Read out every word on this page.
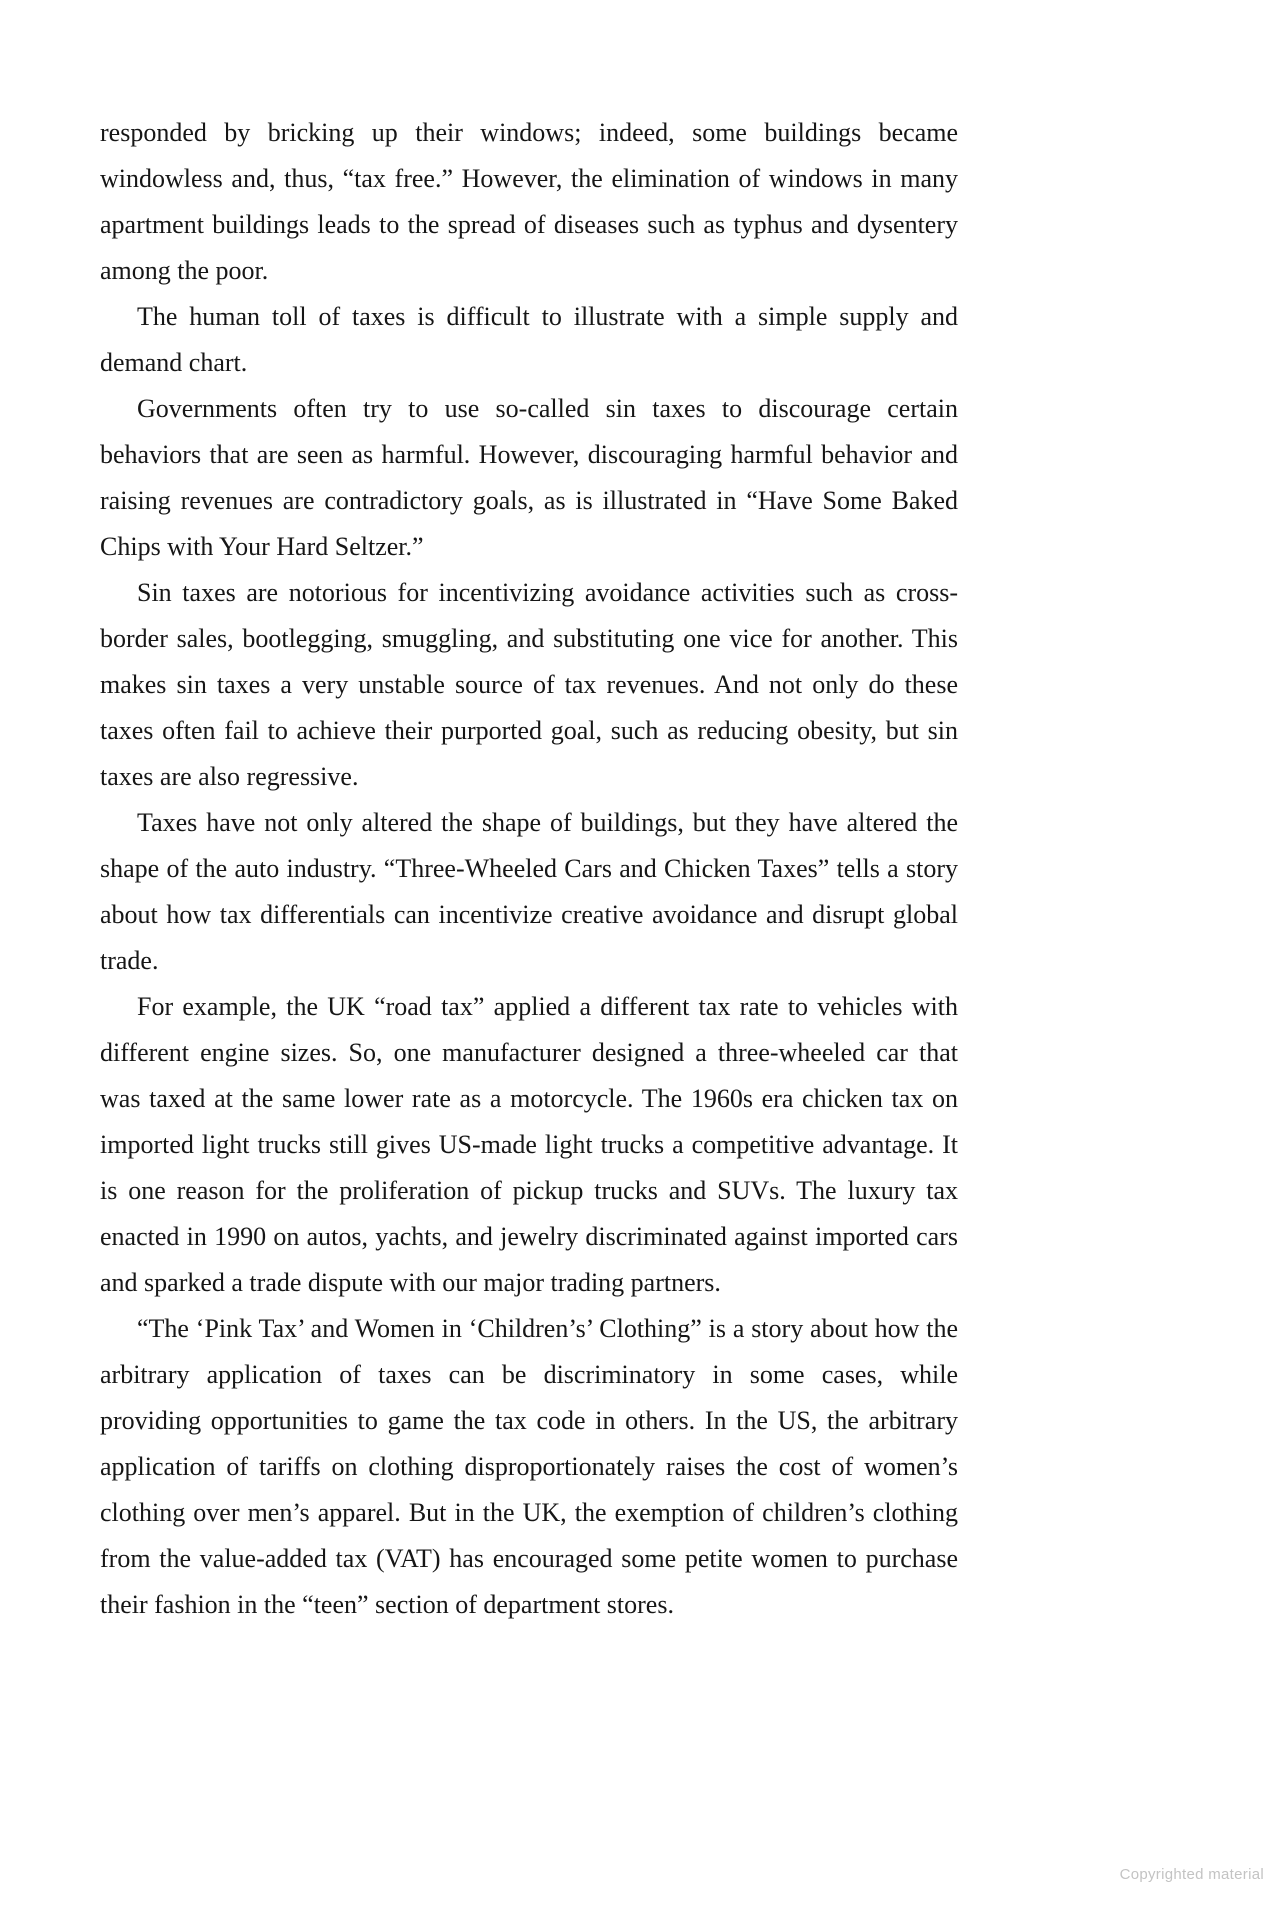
responded by bricking up their windows; indeed, some buildings became windowless and, thus, “tax free.” However, the elimination of windows in many apartment buildings leads to the spread of diseases such as typhus and dysentery among the poor.

The human toll of taxes is difficult to illustrate with a simple supply and demand chart.

Governments often try to use so-called sin taxes to discourage certain behaviors that are seen as harmful. However, discouraging harmful behavior and raising revenues are contradictory goals, as is illustrated in “Have Some Baked Chips with Your Hard Seltzer.”

Sin taxes are notorious for incentivizing avoidance activities such as cross-border sales, bootlegging, smuggling, and substituting one vice for another. This makes sin taxes a very unstable source of tax revenues. And not only do these taxes often fail to achieve their purported goal, such as reducing obesity, but sin taxes are also regressive.

Taxes have not only altered the shape of buildings, but they have altered the shape of the auto industry. “Three-Wheeled Cars and Chicken Taxes” tells a story about how tax differentials can incentivize creative avoidance and disrupt global trade.

For example, the UK “road tax” applied a different tax rate to vehicles with different engine sizes. So, one manufacturer designed a three-wheeled car that was taxed at the same lower rate as a motorcycle. The 1960s era chicken tax on imported light trucks still gives US-made light trucks a competitive advantage. It is one reason for the proliferation of pickup trucks and SUVs. The luxury tax enacted in 1990 on autos, yachts, and jewelry discriminated against imported cars and sparked a trade dispute with our major trading partners.

“The ‘Pink Tax’ and Women in ‘Children’s’ Clothing” is a story about how the arbitrary application of taxes can be discriminatory in some cases, while providing opportunities to game the tax code in others. In the US, the arbitrary application of tariffs on clothing disproportionately raises the cost of women’s clothing over men’s apparel. But in the UK, the exemption of children’s clothing from the value-added tax (VAT) has encouraged some petite women to purchase their fashion in the “teen” section of department stores.

Copyrighted material
